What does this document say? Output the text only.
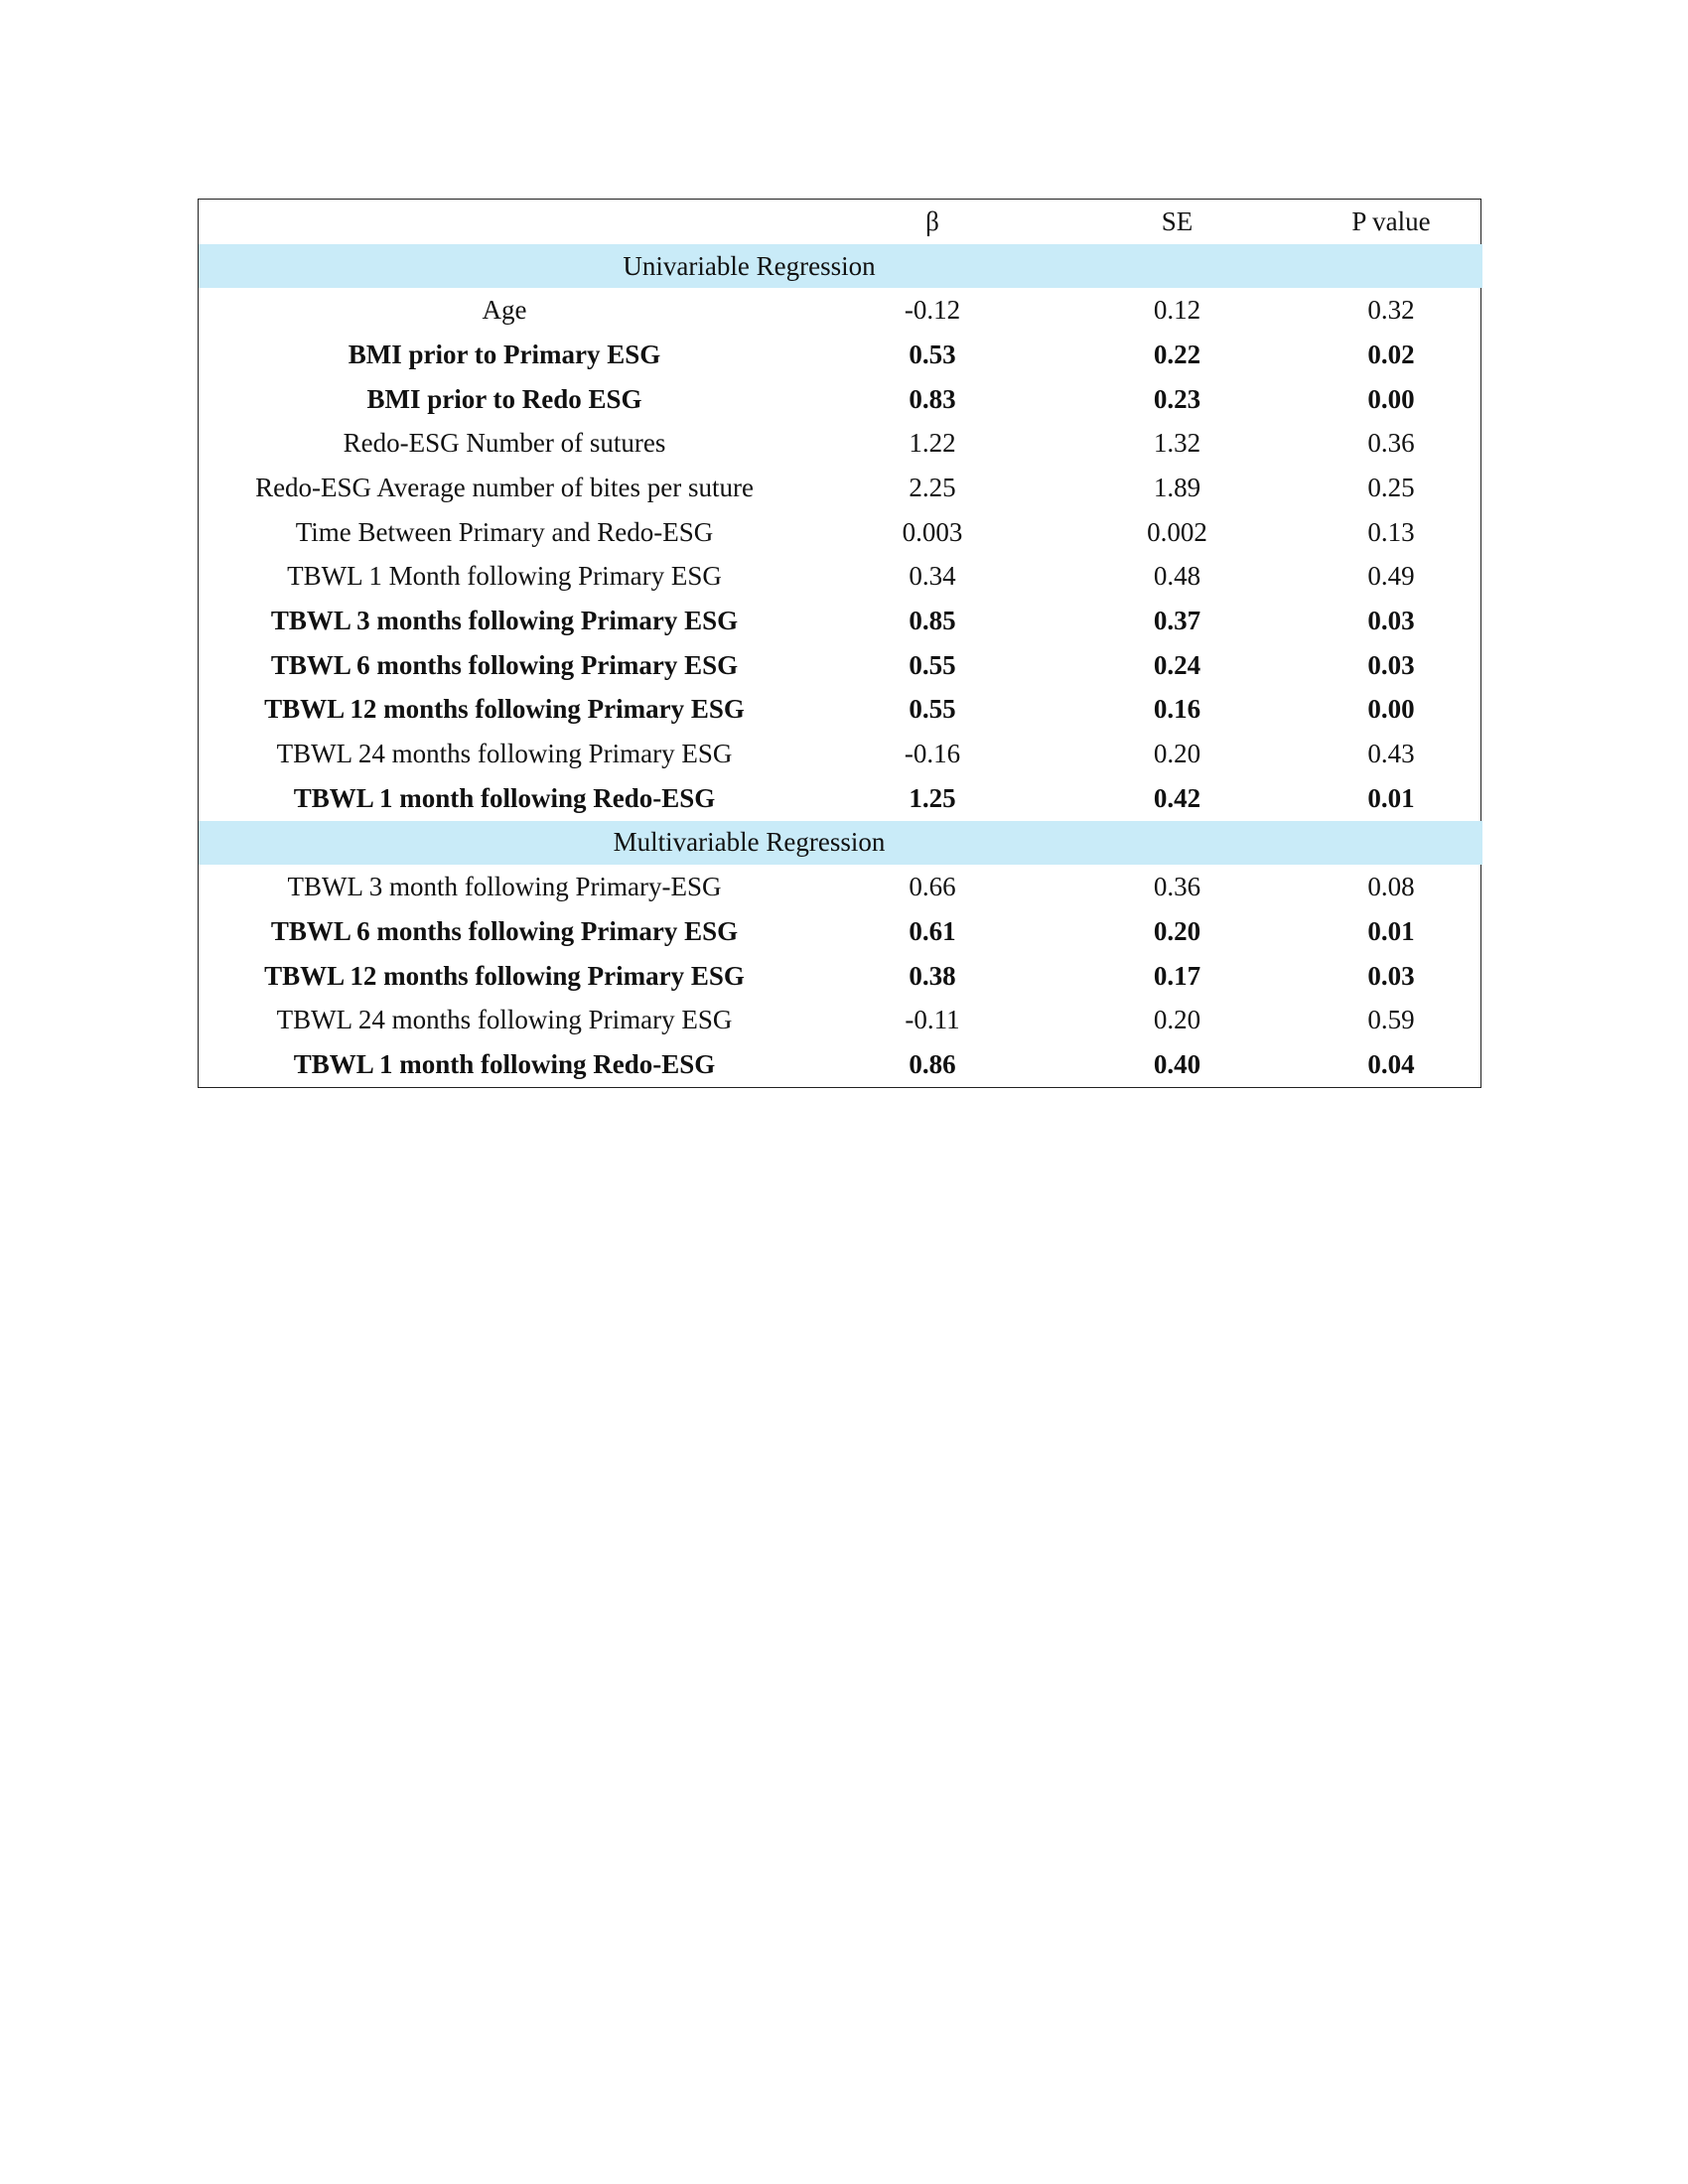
	β	SE	P value
Univariable Regression			
Age	-0.12	0.12	0.32
BMI prior to Primary ESG	0.53	0.22	0.02
BMI prior to Redo ESG	0.83	0.23	0.00
Redo-ESG Number of sutures	1.22	1.32	0.36
Redo-ESG Average number of bites per suture	2.25	1.89	0.25
Time Between Primary and Redo-ESG	0.003	0.002	0.13
TBWL 1 Month following Primary ESG	0.34	0.48	0.49
TBWL 3 months following Primary ESG	0.85	0.37	0.03
TBWL 6 months following Primary ESG	0.55	0.24	0.03
TBWL 12 months following Primary ESG	0.55	0.16	0.00
TBWL 24 months following Primary ESG	-0.16	0.20	0.43
TBWL 1 month following Redo-ESG	1.25	0.42	0.01
Multivariable Regression			
TBWL 3 month following Primary-ESG	0.66	0.36	0.08
TBWL 6 months following Primary ESG	0.61	0.20	0.01
TBWL 12 months following Primary ESG	0.38	0.17	0.03
TBWL 24 months following Primary ESG	-0.11	0.20	0.59
TBWL 1 month following Redo-ESG	0.86	0.40	0.04
